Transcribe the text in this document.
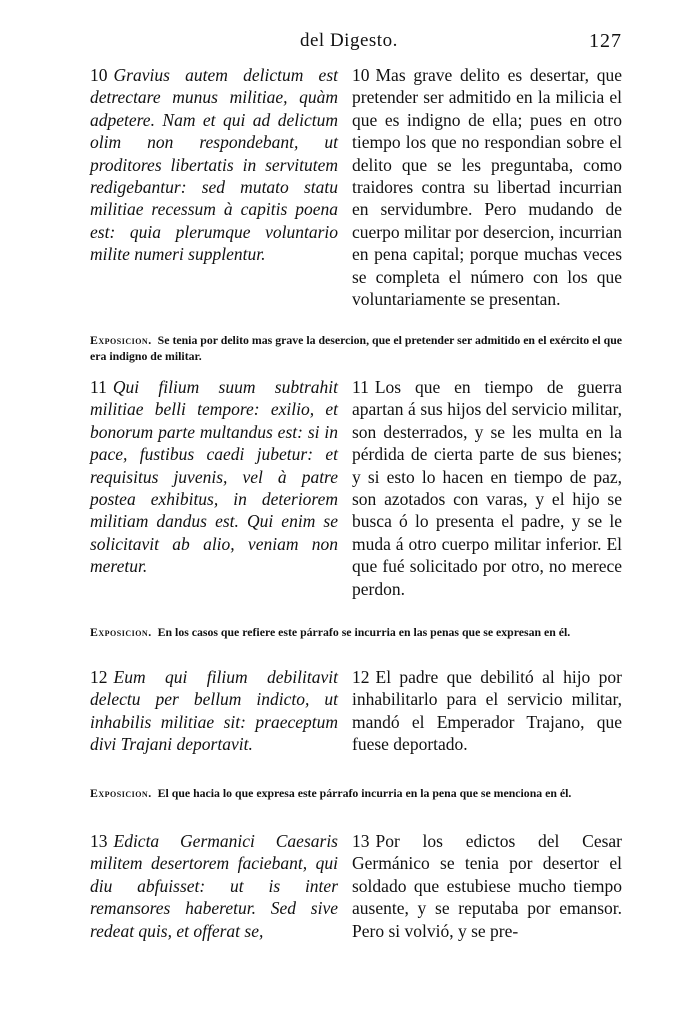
del Digesto.	127
10 Gravius autem delictum est detrectare munus militiae, quàm adpetere. Nam et qui ad delictum olim non respondebant, ut proditores libertatis in servitutem redigebantur: sed mutato statu militiae recessum à capitis poena est: quia plerumque voluntario milite numeri supplentur.
10 Mas grave delito es desertar, que pretender ser admitido en la milicia el que es indigno de ella; pues en otro tiempo los que no respondian sobre el delito que se les preguntaba, como traidores contra su libertad incurrian en servidumbre. Pero mudando de cuerpo militar por desercion, incurrian en pena capital; porque muchas veces se completa el número con los que voluntariamente se presentan.
Exposicion. Se tenia por delito mas grave la desercion, que el pretender ser admitido en el exército el que era indigno de militar.
11 Qui filium suum subtrahit militiae belli tempore: exilio, et bonorum parte multandus est: si in pace, fustibus caedi jubetur: et requisitus juvenis, vel à patre postea exhibitus, in deteriorem militiam dandus est. Qui enim se solicitavit ab alio, veniam non meretur.
11 Los que en tiempo de guerra apartan á sus hijos del servicio militar, son desterrados, y se les multa en la pérdida de cierta parte de sus bienes; y si esto lo hacen en tiempo de paz, son azotados con varas, y el hijo se busca ó lo presenta el padre, y se le muda á otro cuerpo militar inferior. El que fué solicitado por otro, no merece perdon.
Exposicion. En los casos que refiere este párrafo se incurria en las penas que se expresan en él.
12 Eum qui filium debilitavit delectu per bellum indicto, ut inhabilis militiae sit: praeceptum divi Trajani deportavit.
12 El padre que debilitó al hijo por inhabilitarlo para el servicio militar, mandó el Emperador Trajano, que fuese deportado.
Exposicion. El que hacia lo que expresa este párrafo incurria en la pena que se menciona en él.
13 Edicta Germanici Caesaris militem desertorem faciebant, qui diu abfuisset: ut is inter remansores haberetur. Sed sive redeat quis, et offerat se,
13 Por los edictos del Cesar Germánico se tenia por desertor el soldado que estubiese mucho tiempo ausente, y se reputaba por emansor. Pero si volvió, y se pre-
